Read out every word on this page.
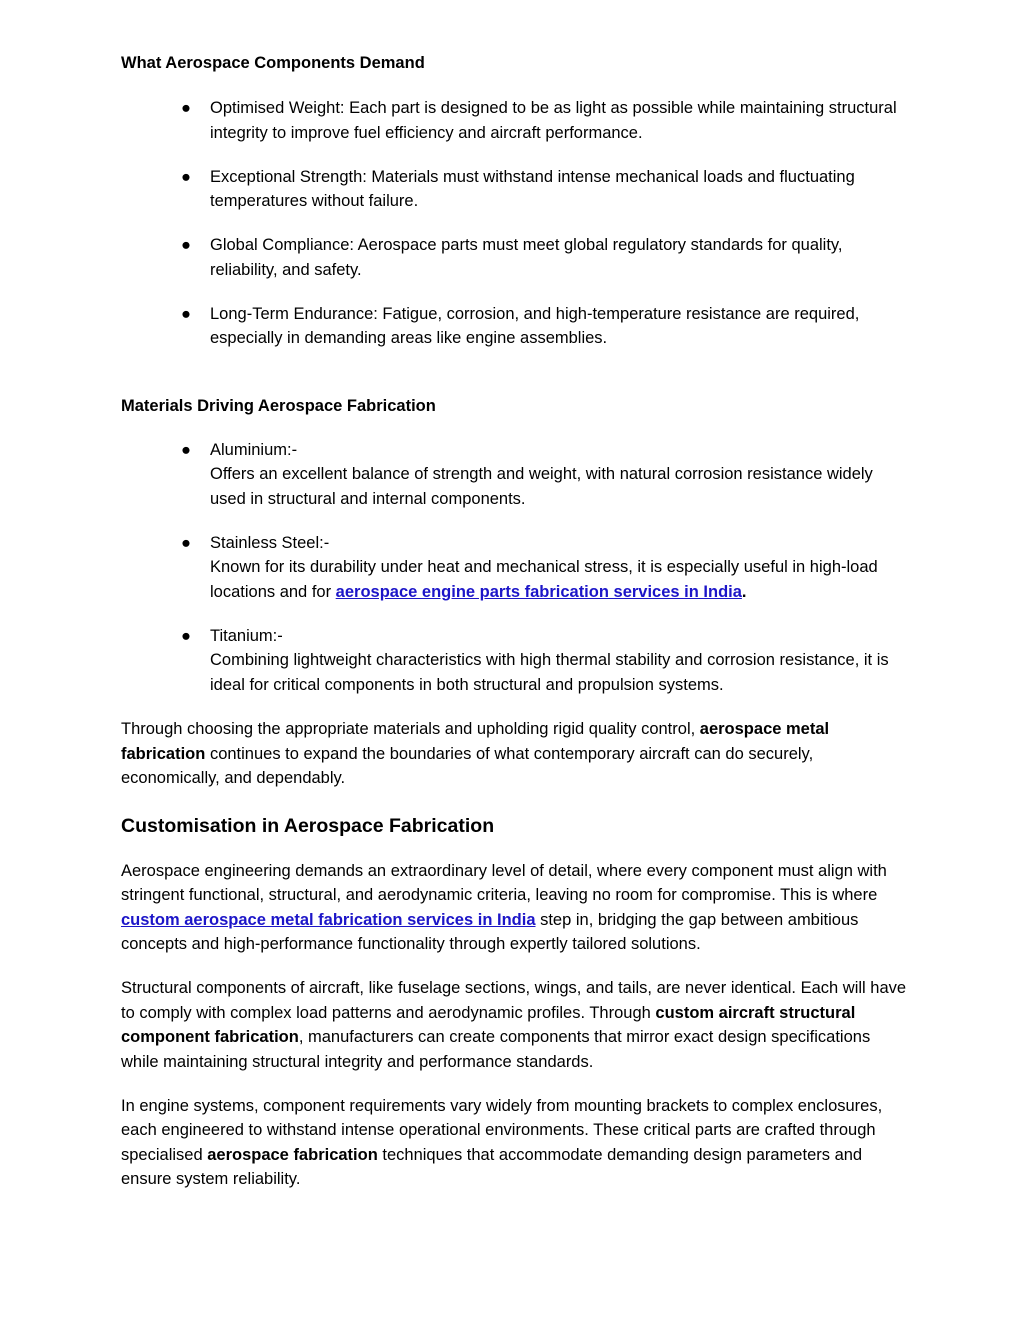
What Aerospace Components Demand
● Optimised Weight: Each part is designed to be as light as possible while maintaining structural integrity to improve fuel efficiency and aircraft performance.
● Exceptional Strength: Materials must withstand intense mechanical loads and fluctuating temperatures without failure.
● Global Compliance: Aerospace parts must meet global regulatory standards for quality, reliability, and safety.
● Long-Term Endurance: Fatigue, corrosion, and high-temperature resistance are required, especially in demanding areas like engine assemblies.
Materials Driving Aerospace Fabrication
● Aluminium:-
Offers an excellent balance of strength and weight, with natural corrosion resistance widely used in structural and internal components.
● Stainless Steel:-
Known for its durability under heat and mechanical stress, it is especially useful in high-load locations and for aerospace engine parts fabrication services in India.
● Titanium:-
Combining lightweight characteristics with high thermal stability and corrosion resistance, it is ideal for critical components in both structural and propulsion systems.

Through choosing the appropriate materials and upholding rigid quality control, aerospace metal fabrication continues to expand the boundaries of what contemporary aircraft can do securely, economically, and dependably.

Customisation in Aerospace Fabrication

Aerospace engineering demands an extraordinary level of detail, where every component must align with stringent functional, structural, and aerodynamic criteria, leaving no room for compromise. This is where custom aerospace metal fabrication services in India step in, bridging the gap between ambitious concepts and high-performance functionality through expertly tailored solutions.

Structural components of aircraft, like fuselage sections, wings, and tails, are never identical. Each will have to comply with complex load patterns and aerodynamic profiles. Through custom aircraft structural component fabrication, manufacturers can create components that mirror exact design specifications while maintaining structural integrity and performance standards.

In engine systems, component requirements vary widely from mounting brackets to complex enclosures, each engineered to withstand intense operational environments. These critical parts are crafted through specialised aerospace fabrication techniques that accommodate demanding design parameters and ensure system reliability.
